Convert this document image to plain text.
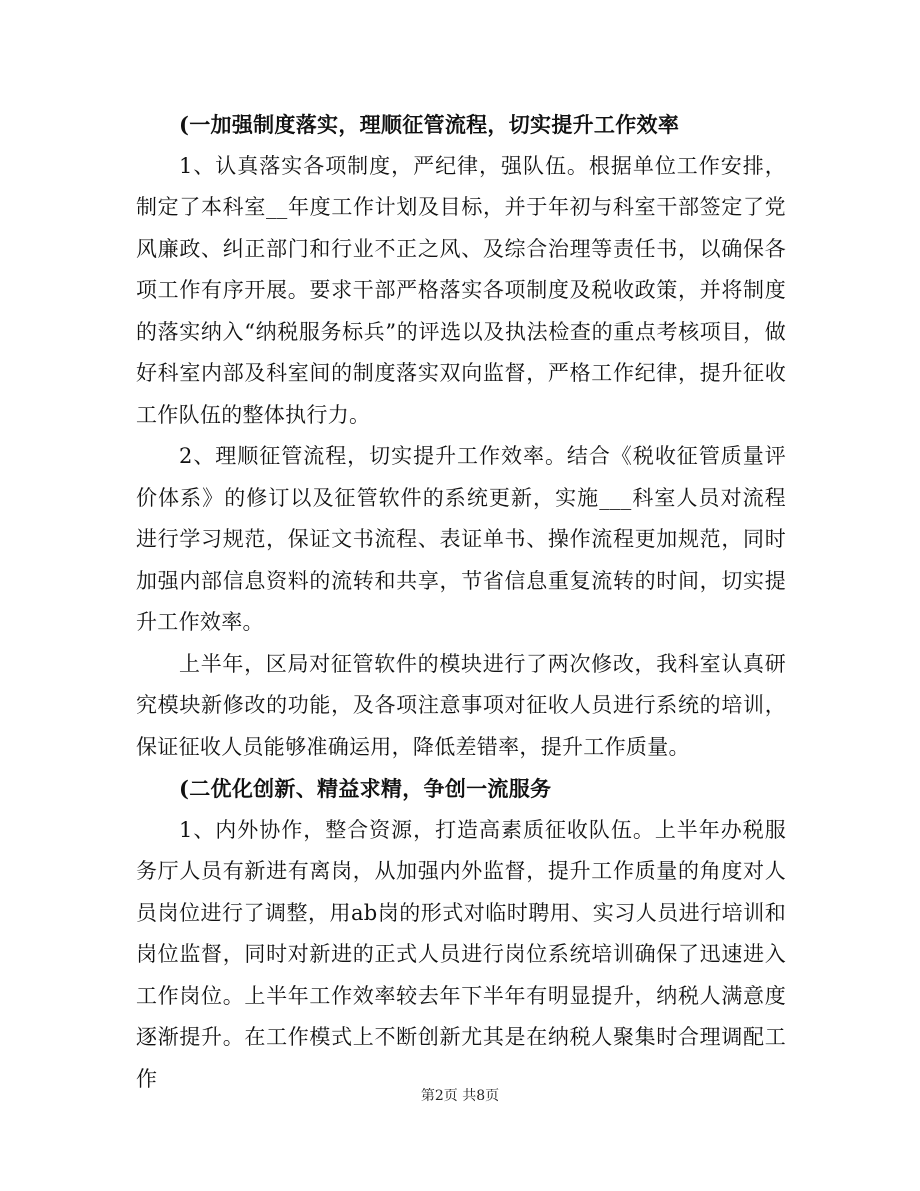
(一加强制度落实，理顺征管流程，切实提升工作效率

1、认真落实各项制度，严纪律，强队伍。根据单位工作安排，制定了本科室__年度工作计划及目标，并于年初与科室干部签定了党风廉政、纠正部门和行业不正之风、及综合治理等责任书，以确保各项工作有序开展。要求干部严格落实各项制度及税收政策，并将制度的落实纳入“纳税服务标兵”的评选以及执法检查的重点考核项目，做好科室内部及科室间的制度落实双向监督，严格工作纪律，提升征收工作队伍的整体执行力。

2、理顺征管流程，切实提升工作效率。结合《税收征管质量评价体系》的修订以及征管软件的系统更新，实施___科室人员对流程进行学习规范，保证文书流程、表证单书、操作流程更加规范，同时加强内部信息资料的流转和共享，节省信息重复流转的时间，切实提升工作效率。

上半年，区局对征管软件的模块进行了两次修改，我科室认真研究模块新修改的功能，及各项注意事项对征收人员进行系统的培训，保证征收人员能够准确运用，降低差错率，提升工作质量。

(二优化创新、精益求精，争创一流服务

1、内外协作，整合资源，打造高素质征收队伍。上半年办税服务厅人员有新进有离岗，从加强内外监督，提升工作质量的角度对人员岗位进行了调整，用ab岗的形式对临时聘用、实习人员进行培训和岗位监督，同时对新进的正式人员进行岗位系统培训确保了迅速进入工作岗位。上半年工作效率较去年下半年有明显提升，纳税人满意度逐渐提升。在工作模式上不断创新尤其是在纳税人聚集时合理调配工作

第2页 共8页
